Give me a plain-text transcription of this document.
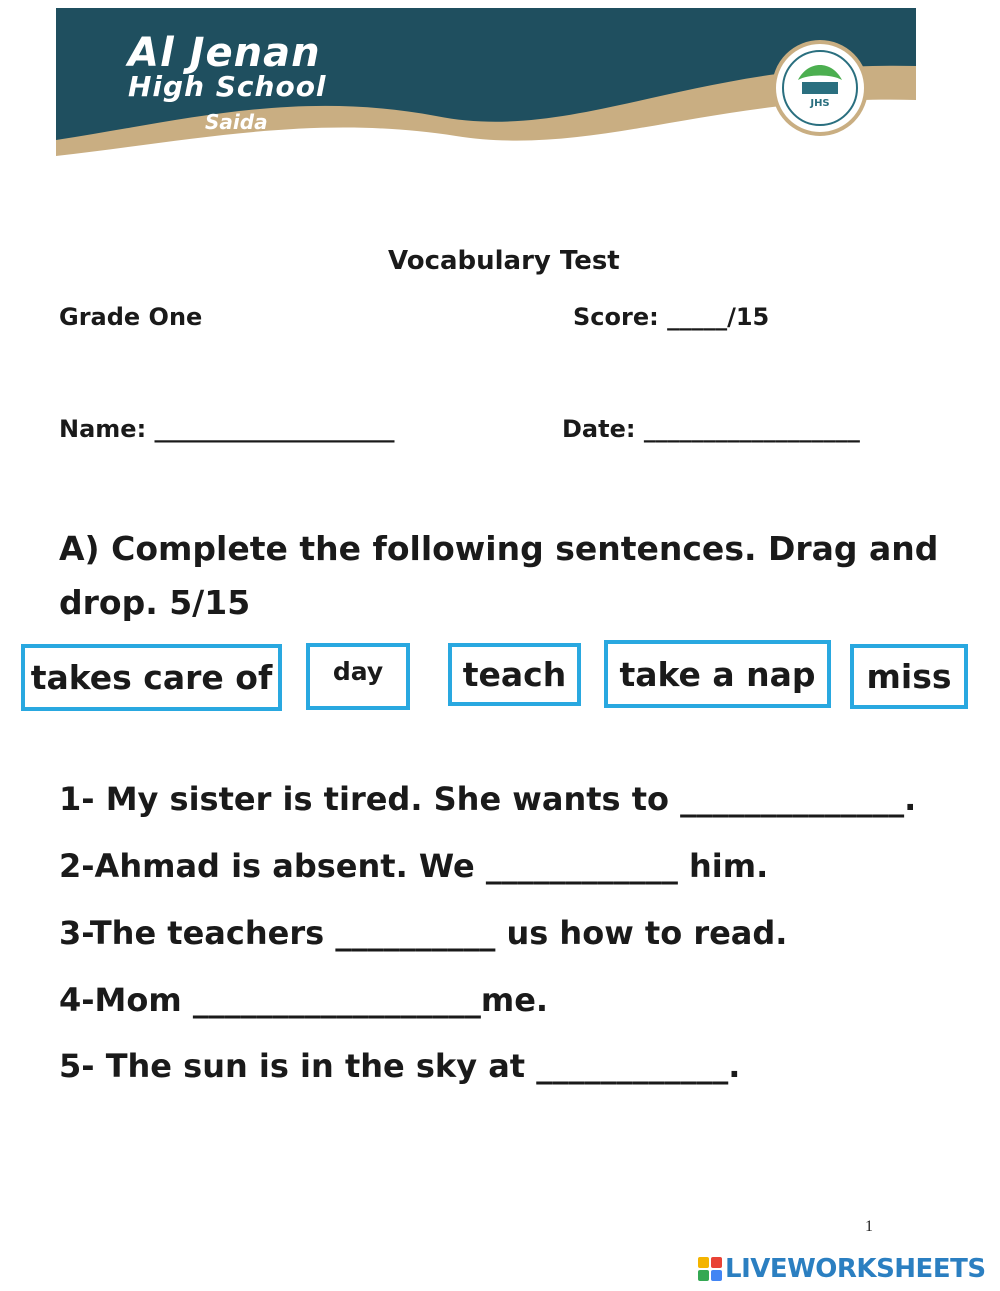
JHS
Al Jenan
High School
Saida
Vocabulary Test
Grade One	Score: _____/15
Name: ____________________	Date: __________________
A) Complete the following sentences. Drag and
drop. 5/15
takes care of	day	teach	take a nap	miss
1- My sister is tired. She wants to ______________.
2-Ahmad is absent. We ____________ him.
3-The teachers __________ us how to read.
4-Mom __________________me.
5- The sun is in the sky at ____________.
1
LIVEWORKSHEETS
